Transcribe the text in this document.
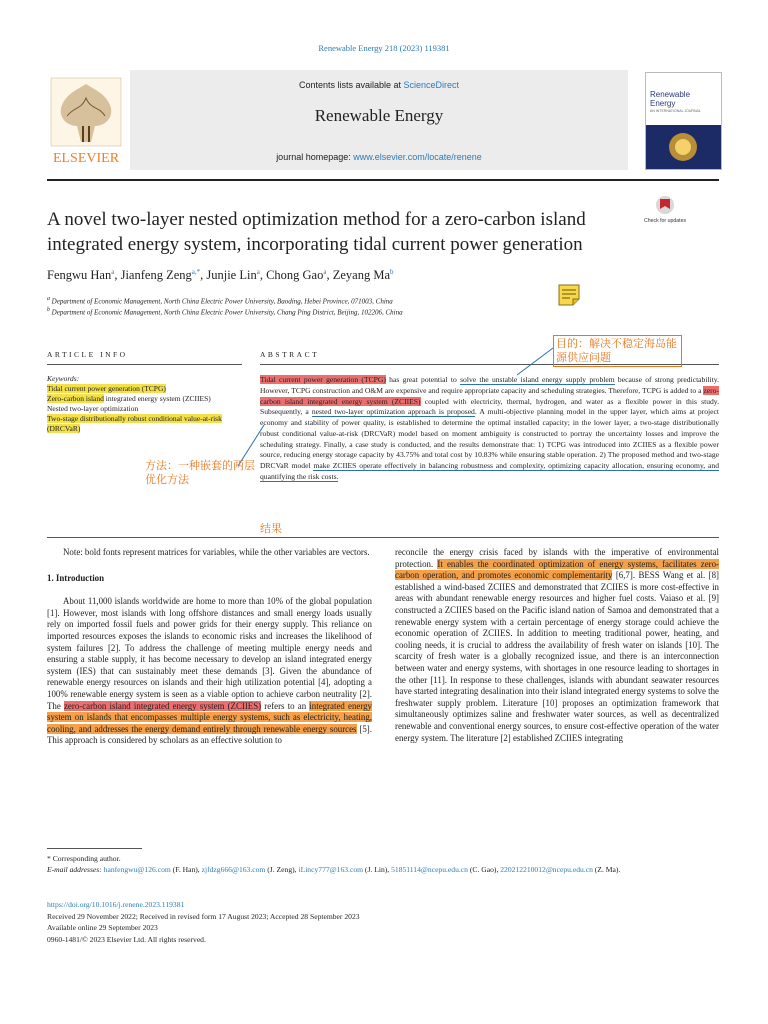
Renewable Energy 218 (2023) 119381
ELSEVIER
Contents lists available at ScienceDirect
Renewable Energy
journal homepage: www.elsevier.com/locate/renene
Renewable Energy
AN INTERNATIONAL JOURNAL
A novel two-layer nested optimization method for a zero-carbon island integrated energy system, incorporating tidal current power generation
Check for updates
Fengwu Han$^a$, Jianfeng Zeng$^{a,*}$, Junjie Lin$^a$, Chong Gao$^a$, Zeyang Ma$^b$
$^a$ Department of Economic Management, North China Electric Power University, Baoding, Hebei Province, 071003, China
$^b$ Department of Economic Management, North China Electric Power University, Chang Ping District, Beijing, 102206, China
ARTICLE INFO	ABSTRACT
Keywords:
Tidal current power generation (TCPG)
Zero-carbon island integrated energy system (ZCIIES)
Nested two-layer optimization
Two-stage distributionally robust conditional value-at-risk (DRCVaR)
Tidal current power generation (TCPG) has great potential to solve the unstable island energy supply problem because of strong predictability. However, TCPG construction and O&M are expensive and require appropriate capacity and scheduling strategies. Therefore, TCPG is added to a zero-carbon island integrated energy system (ZCIIES) coupled with electricity, thermal, hydrogen, and water as a flexible power in this study. Subsequently, a nested two-layer optimization approach is proposed. A multi-objective planning model in the upper layer, which aims at project economy and stability of power quality, is established to determine the optimal installed capacity; in the lower layer, a two-stage distributionally robust conditional value-at-risk (DRCVaR) model based on moment ambiguity is constructed to portray the uncertainty losses and improve the scheduling strategy. Finally, a case study is conducted, and the results demonstrate that: 1) TCPG was introduced into ZCIIES as a flexible power source, reducing energy storage capacity by 43.75% and total cost by 10.83% while ensuring stable operation. 2) The proposed method and two-stage DRCVaR model make ZCIIES operate effectively in balancing robustness and complexity, optimizing capacity allocation, ensuring economy, and quantifying the risk costs.
目的：解决不稳定海岛能源供应问题
方法：一种嵌套的两层优化方法
结果

Note: bold fonts represent matrices for variables, while the other variables are vectors.

1. Introduction

About 11,000 islands worldwide are home to more than 10% of the global population [1]. However, most islands with long offshore distances and small energy loads usually rely on imported fossil fuels and power grids for their energy supply. This reliance on imported resources exposes the islands to economic risks and increases the likelihood of system failures [2]. To address the challenge of meeting multiple energy needs and ensuring a stable supply, it has become necessary to develop an island integrated energy system (IES) that can sustainably meet these demands [3]. Given the abundance of renewable energy resources on islands and their high utilization potential [4], adopting a 100% renewable energy system is seen as a viable option to achieve carbon neutrality [2]. The zero-carbon island integrated energy system (ZCIIES) refers to an integrated energy system on islands that encompasses multiple energy systems, such as electricity, heating, cooling, and addresses the energy demand entirely through renewable energy sources [5]. This approach is considered by scholars as an effective solution to

reconcile the energy crisis faced by islands with the imperative of environmental protection. It enables the coordinated optimization of energy systems, facilitates zero-carbon operation, and promotes economic complementarity [6,7]. BESS Wang et al. [8] established a wind-based ZCIIES and demonstrated that ZCIIES is more cost-effective in areas with abundant renewable energy resources and higher fuel costs. Vaiaso et al. [9] constructed a ZCIIES based on the Pacific island nation of Samoa and demonstrated that a renewable energy system with a certain percentage of energy storage could achieve the economic operation of ZCIIES. In addition to meeting traditional power, heating, and cooling needs, it is crucial to address the availability of fresh water on islands [10]. The scarcity of fresh water is a globally recognized issue, and there is an interconnection between water and energy systems, with shortages in one resource leading to shortages in the other [11]. In response to these challenges, islands with abundant seawater resources have started integrating desalination into their island integrated energy systems to solve the freshwater supply problem. Literature [10] proposes an optimization framework that simultaneously optimizes saline and freshwater water sources, as well as decentralized renewable and conventional energy sources, to ensure cost-effective operation of the water energy system. The literature [2] established ZCIIES integrating

* Corresponding author.

E-mail addresses: hanfengwu@126.com (F. Han), zjfdzg666@163.com (J. Zeng), iLincy777@163.com (J. Lin), 51851114@ncepu.edu.cn (C. Gao), 220212210012@ncepu.edu.cn (Z. Ma).

https://doi.org/10.1016/j.renene.2023.119381

Received 29 November 2022; Received in revised form 17 August 2023; Accepted 28 September 2023

Available online 29 September 2023

0960-1481/© 2023 Elsevier Ltd. All rights reserved.
